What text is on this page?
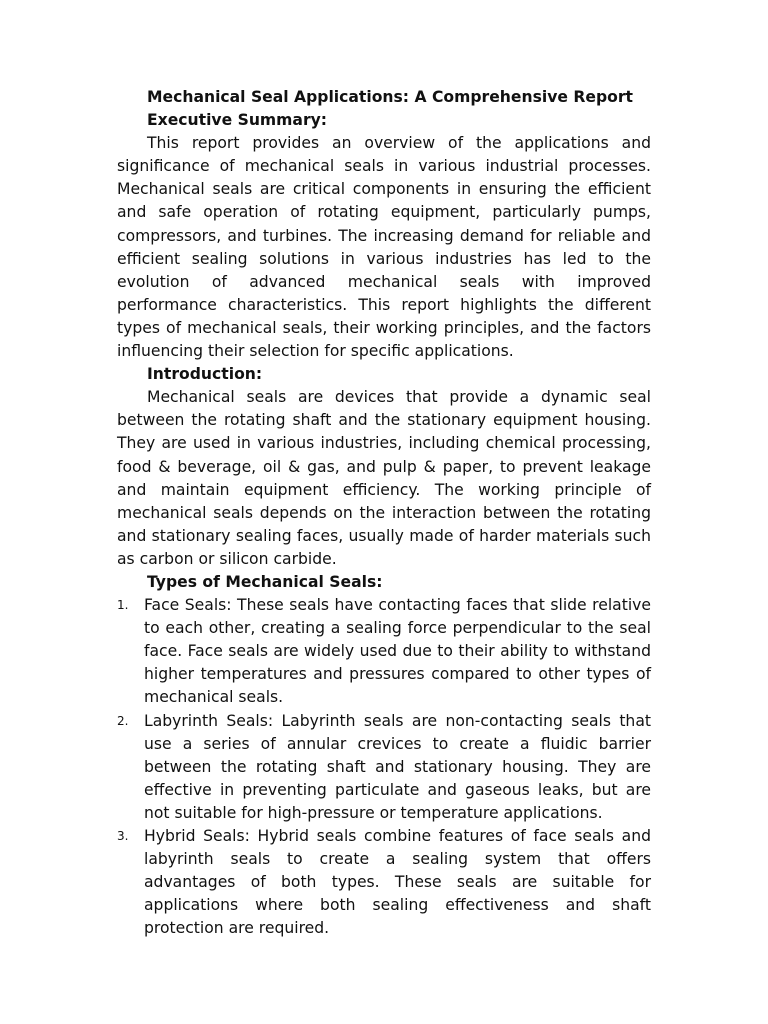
Mechanical Seal Applications: A Comprehensive Report
Executive Summary:

This report provides an overview of the applications and significance of mechanical seals in various industrial processes. Mechanical seals are critical components in ensuring the efficient and safe operation of rotating equipment, particularly pumps, compressors, and turbines. The increasing demand for reliable and efficient sealing solutions in various industries has led to the evolution of advanced mechanical seals with improved performance characteristics. This report highlights the different types of mechanical seals, their working principles, and the factors influencing their selection for specific applications.

Introduction:

Mechanical seals are devices that provide a dynamic seal between the rotating shaft and the stationary equipment housing. They are used in various industries, including chemical processing, food & beverage, oil & gas, and pulp & paper, to prevent leakage and maintain equipment efficiency. The working principle of mechanical seals depends on the interaction between the rotating and stationary sealing faces, usually made of harder materials such as carbon or silicon carbide.

Types of Mechanical Seals:
1. Face Seals: These seals have contacting faces that slide relative to each other, creating a sealing force perpendicular to the seal face. Face seals are widely used due to their ability to withstand higher temperatures and pressures compared to other types of mechanical seals.
2. Labyrinth Seals: Labyrinth seals are non-contacting seals that use a series of annular crevices to create a fluidic barrier between the rotating shaft and stationary housing. They are effective in preventing particulate and gaseous leaks, but are not suitable for high-pressure or temperature applications.
3. Hybrid Seals: Hybrid seals combine features of face seals and labyrinth seals to create a sealing system that offers advantages of both types. These seals are suitable for applications where both sealing effectiveness and shaft protection are required.
